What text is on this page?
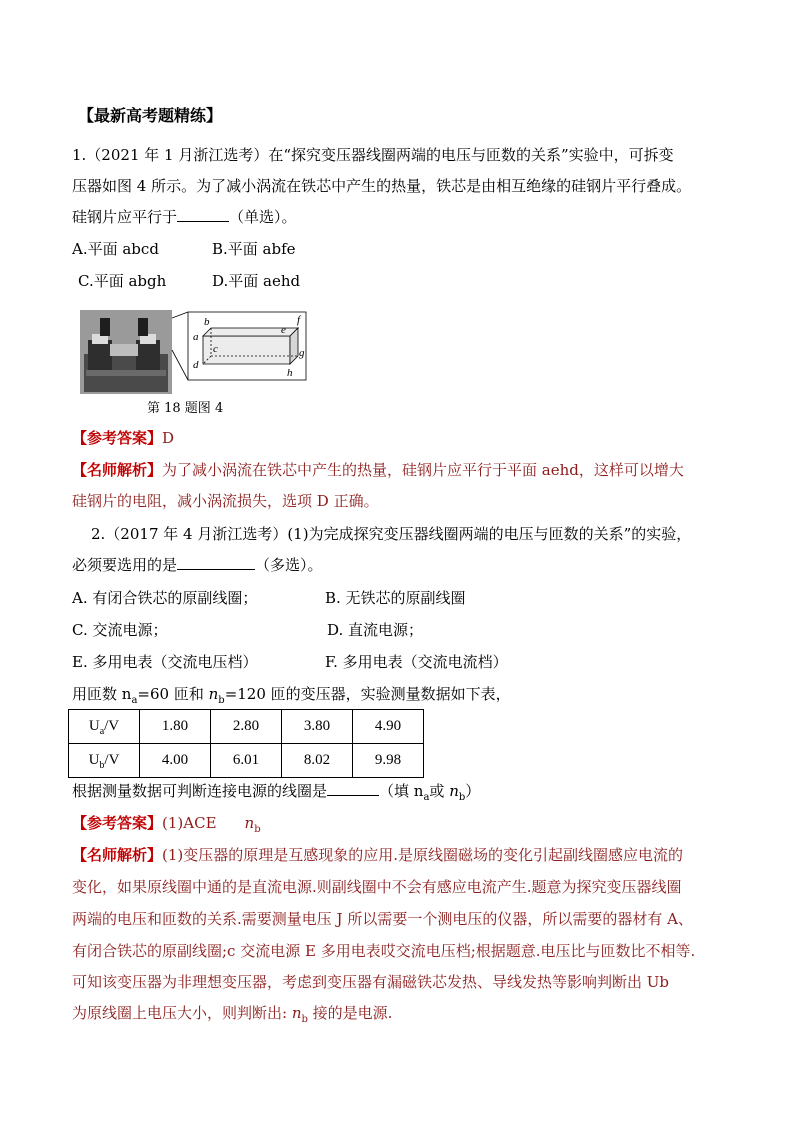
【最新高考题精练】
1.（2021 年 1 月浙江选考）在“探究变压器线圈两端的电压与匝数的关系”实验中，可拆变
压器如图 4 所示。为了减小涡流在铁芯中产生的热量，铁芯是由相互绝缘的硅钢片平行叠成。
硅钢片应平行于	（单选）。
A.平面 abcd	B.平面 abfe
C.平面 abgh	D.平面 aehd
a
b
c
d
e
f
g
h
第 18 题图 4
【参考答案】D
【名师解析】为了减小涡流在铁芯中产生的热量，硅钢片应平行于平面 aehd，这样可以增大
硅钢片的电阻，减小涡流损失，选项 D 正确。
2.（2017 年 4 月浙江选考）(1)为完成探究变压器线圈两端的电压与匝数的关系”的实验，
必须要选用的是	（多选）。
A. 有闭合铁芯的原副线圈；	B. 无铁芯的原副线圈
C. 交流电源；	D. 直流电源；
E. 多用电表（交流电压档）	F. 多用电表（交流电流档）
用匝数 $n_a=60$ 匝和 $n_b=120$ 匝的变压器，实验测量数据如下表，
$U_a/V$	1.80	2.80	3.80	4.90
$U_b/V$	4.00	6.01	8.02	9.98
根据测量数据可判断连接电源的线圈是	（填 $n_a$或 $n_b$）
【参考答案】(1)ACE $n_b$
【名师解析】(1)变压器的原理是互感现象的应用.是原线圈磁场的变化引起副线圈感应电流的
变化，如果原线圈中通的是直流电源.则副线圈中不会有感应电流产生.题意为探究变压器线圈
两端的电压和匝数的关系.需要测量电压 J 所以需要一个测电压的仪器，所以需要的器材有 A、
有闭合铁芯的原副线圈;c 交流电源 E 多用电表哎交流电压档;根据题意.电压比与匝数比不相等.
可知该变压器为非理想变压器，考虑到变压器有漏磁铁芯发热、导线发热等影响判断出 Ub
为原线圈上电压大小，则判断出: $n_b$ 接的是电源.
